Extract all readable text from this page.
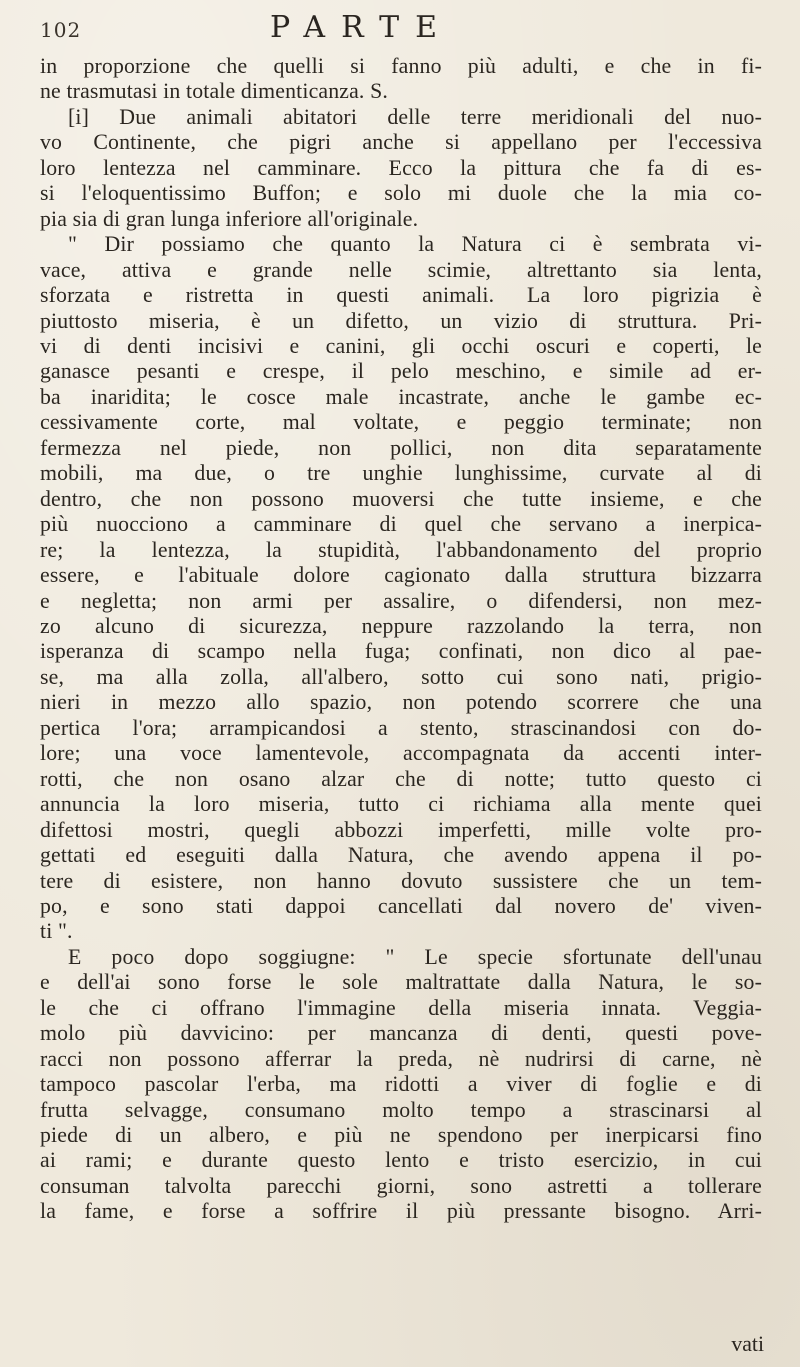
102	PARTE
in proporzione che quelli si fanno più adulti, e che in fi-
ne trasmutasi in totale dimenticanza. S.
[i] Due animali abitatori delle terre meridionali del nuo-
vo Continente, che pigri anche si appellano per l'eccessiva
loro lentezza nel camminare. Ecco la pittura che fa di es-
si l'eloquentissimo Buffon; e solo mi duole che la mia co-
pia sia di gran lunga inferiore all'originale.
" Dir possiamo che quanto la Natura ci è sembrata vi-
vace, attiva e grande nelle scimie, altrettanto sia lenta,
sforzata e ristretta in questi animali. La loro pigrizia è
piuttosto miseria, è un difetto, un vizio di struttura. Pri-
vi di denti incisivi e canini, gli occhi oscuri e coperti, le
ganasce pesanti e crespe, il pelo meschino, e simile ad er-
ba inaridita; le cosce male incastrate, anche le gambe ec-
cessivamente corte, mal voltate, e peggio terminate; non
fermezza nel piede, non pollici, non dita separatamente
mobili, ma due, o tre unghie lunghissime, curvate al di
dentro, che non possono muoversi che tutte insieme, e che
più nuocciono a camminare di quel che servano a inerpica-
re; la lentezza, la stupidità, l'abbandonamento del proprio
essere, e l'abituale dolore cagionato dalla struttura bizzarra
e negletta; non armi per assalire, o difendersi, non mez-
zo alcuno di sicurezza, neppure razzolando la terra, non
isperanza di scampo nella fuga; confinati, non dico al pae-
se, ma alla zolla, all'albero, sotto cui sono nati, prigio-
nieri in mezzo allo spazio, non potendo scorrere che una
pertica l'ora; arrampicandosi a stento, strascinandosi con do-
lore; una voce lamentevole, accompagnata da accenti inter-
rotti, che non osano alzar che di notte; tutto questo ci
annuncia la loro miseria, tutto ci richiama alla mente quei
difettosi mostri, quegli abbozzi imperfetti, mille volte pro-
gettati ed eseguiti dalla Natura, che avendo appena il po-
tere di esistere, non hanno dovuto sussistere che un tem-
po, e sono stati dappoi cancellati dal novero de' viven-
ti ".
E poco dopo soggiugne: " Le specie sfortunate dell'unau
e dell'ai sono forse le sole maltrattate dalla Natura, le so-
le che ci offrano l'immagine della miseria innata. Veggia-
molo più davvicino: per mancanza di denti, questi pove-
racci non possono afferrar la preda, nè nudrirsi di carne, nè
tampoco pascolar l'erba, ma ridotti a viver di foglie e di
frutta selvagge, consumano molto tempo a strascinarsi al
piede di un albero, e più ne spendono per inerpicarsi fino
ai rami; e durante questo lento e tristo esercizio, in cui
consuman talvolta parecchi giorni, sono astretti a tollerare
la fame, e forse a soffrire il più pressante bisogno. Arri-
vati
